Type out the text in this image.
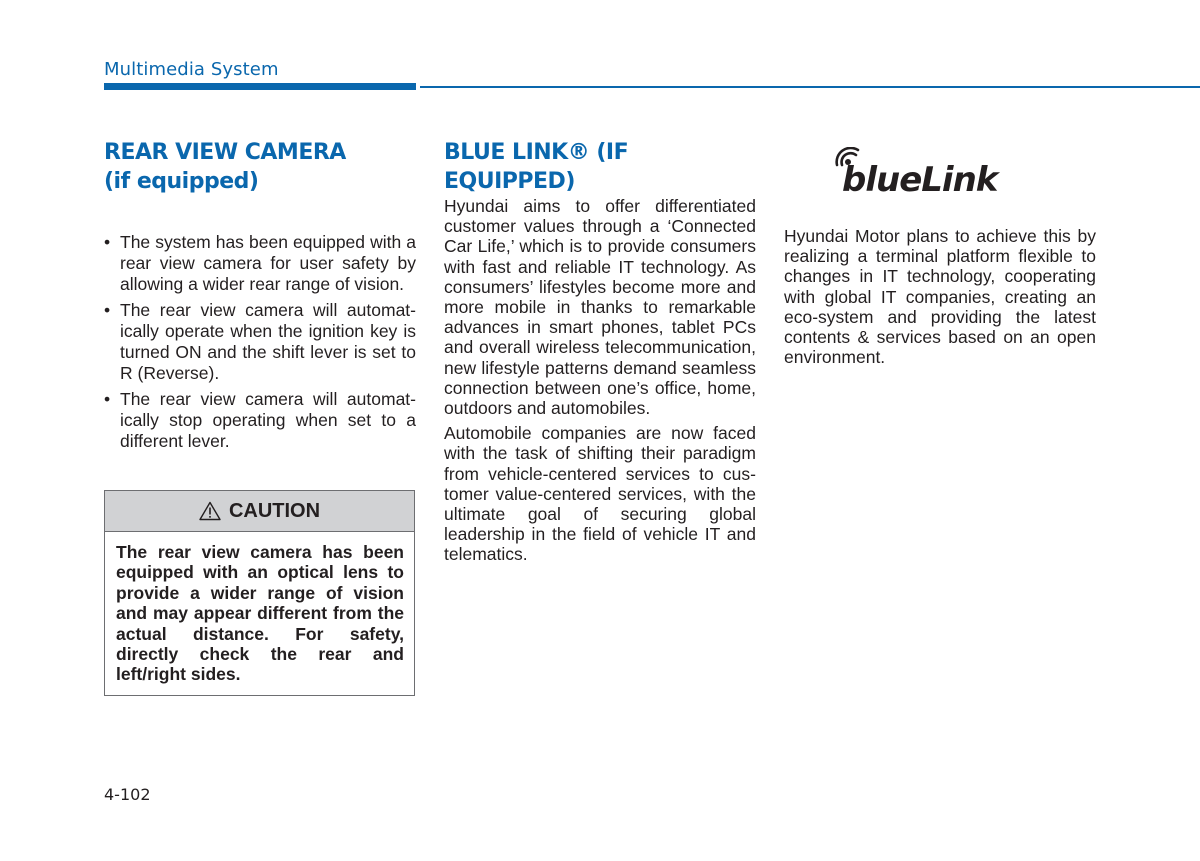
Multimedia System
REAR VIEW CAMERA
(if equipped)
• The system has been equipped with a rear view camera for user safety by allowing a wider rear range of vision.
• The rear view camera will automatically operate when the ignition key is turned ON and the shift lever is set to R (Reverse).
• The rear view camera will automatically stop operating when set to a different lever.
CAUTION
The rear view camera has been equipped with an optical lens to provide a wider range of vision and may appear different from the actual distance. For safety, directly check the rear and left/right sides.
BLUE LINK® (IF EQUIPPED)

Hyundai aims to offer differentiated customer values through a ‘Connected Car Life,’ which is to provide consumers with fast and reliable IT technology. As consumers’ lifestyles become more and more mobile in thanks to remarkable advances in smart phones, tablet PCs and overall wireless telecommunication, new lifestyle patterns demand seamless connection between one’s office, home, outdoors and automobiles.

Automobile companies are now faced with the task of shifting their paradigm from vehicle-centered services to customer value-centered services, with the ultimate goal of securing global leadership in the field of vehicle IT and telematics.

blueLink

Hyundai Motor plans to achieve this by realizing a terminal platform flexible to changes in IT technology, cooperating with global IT companies, creating an eco-system and providing the latest contents & services based on an open environment.

4-102
